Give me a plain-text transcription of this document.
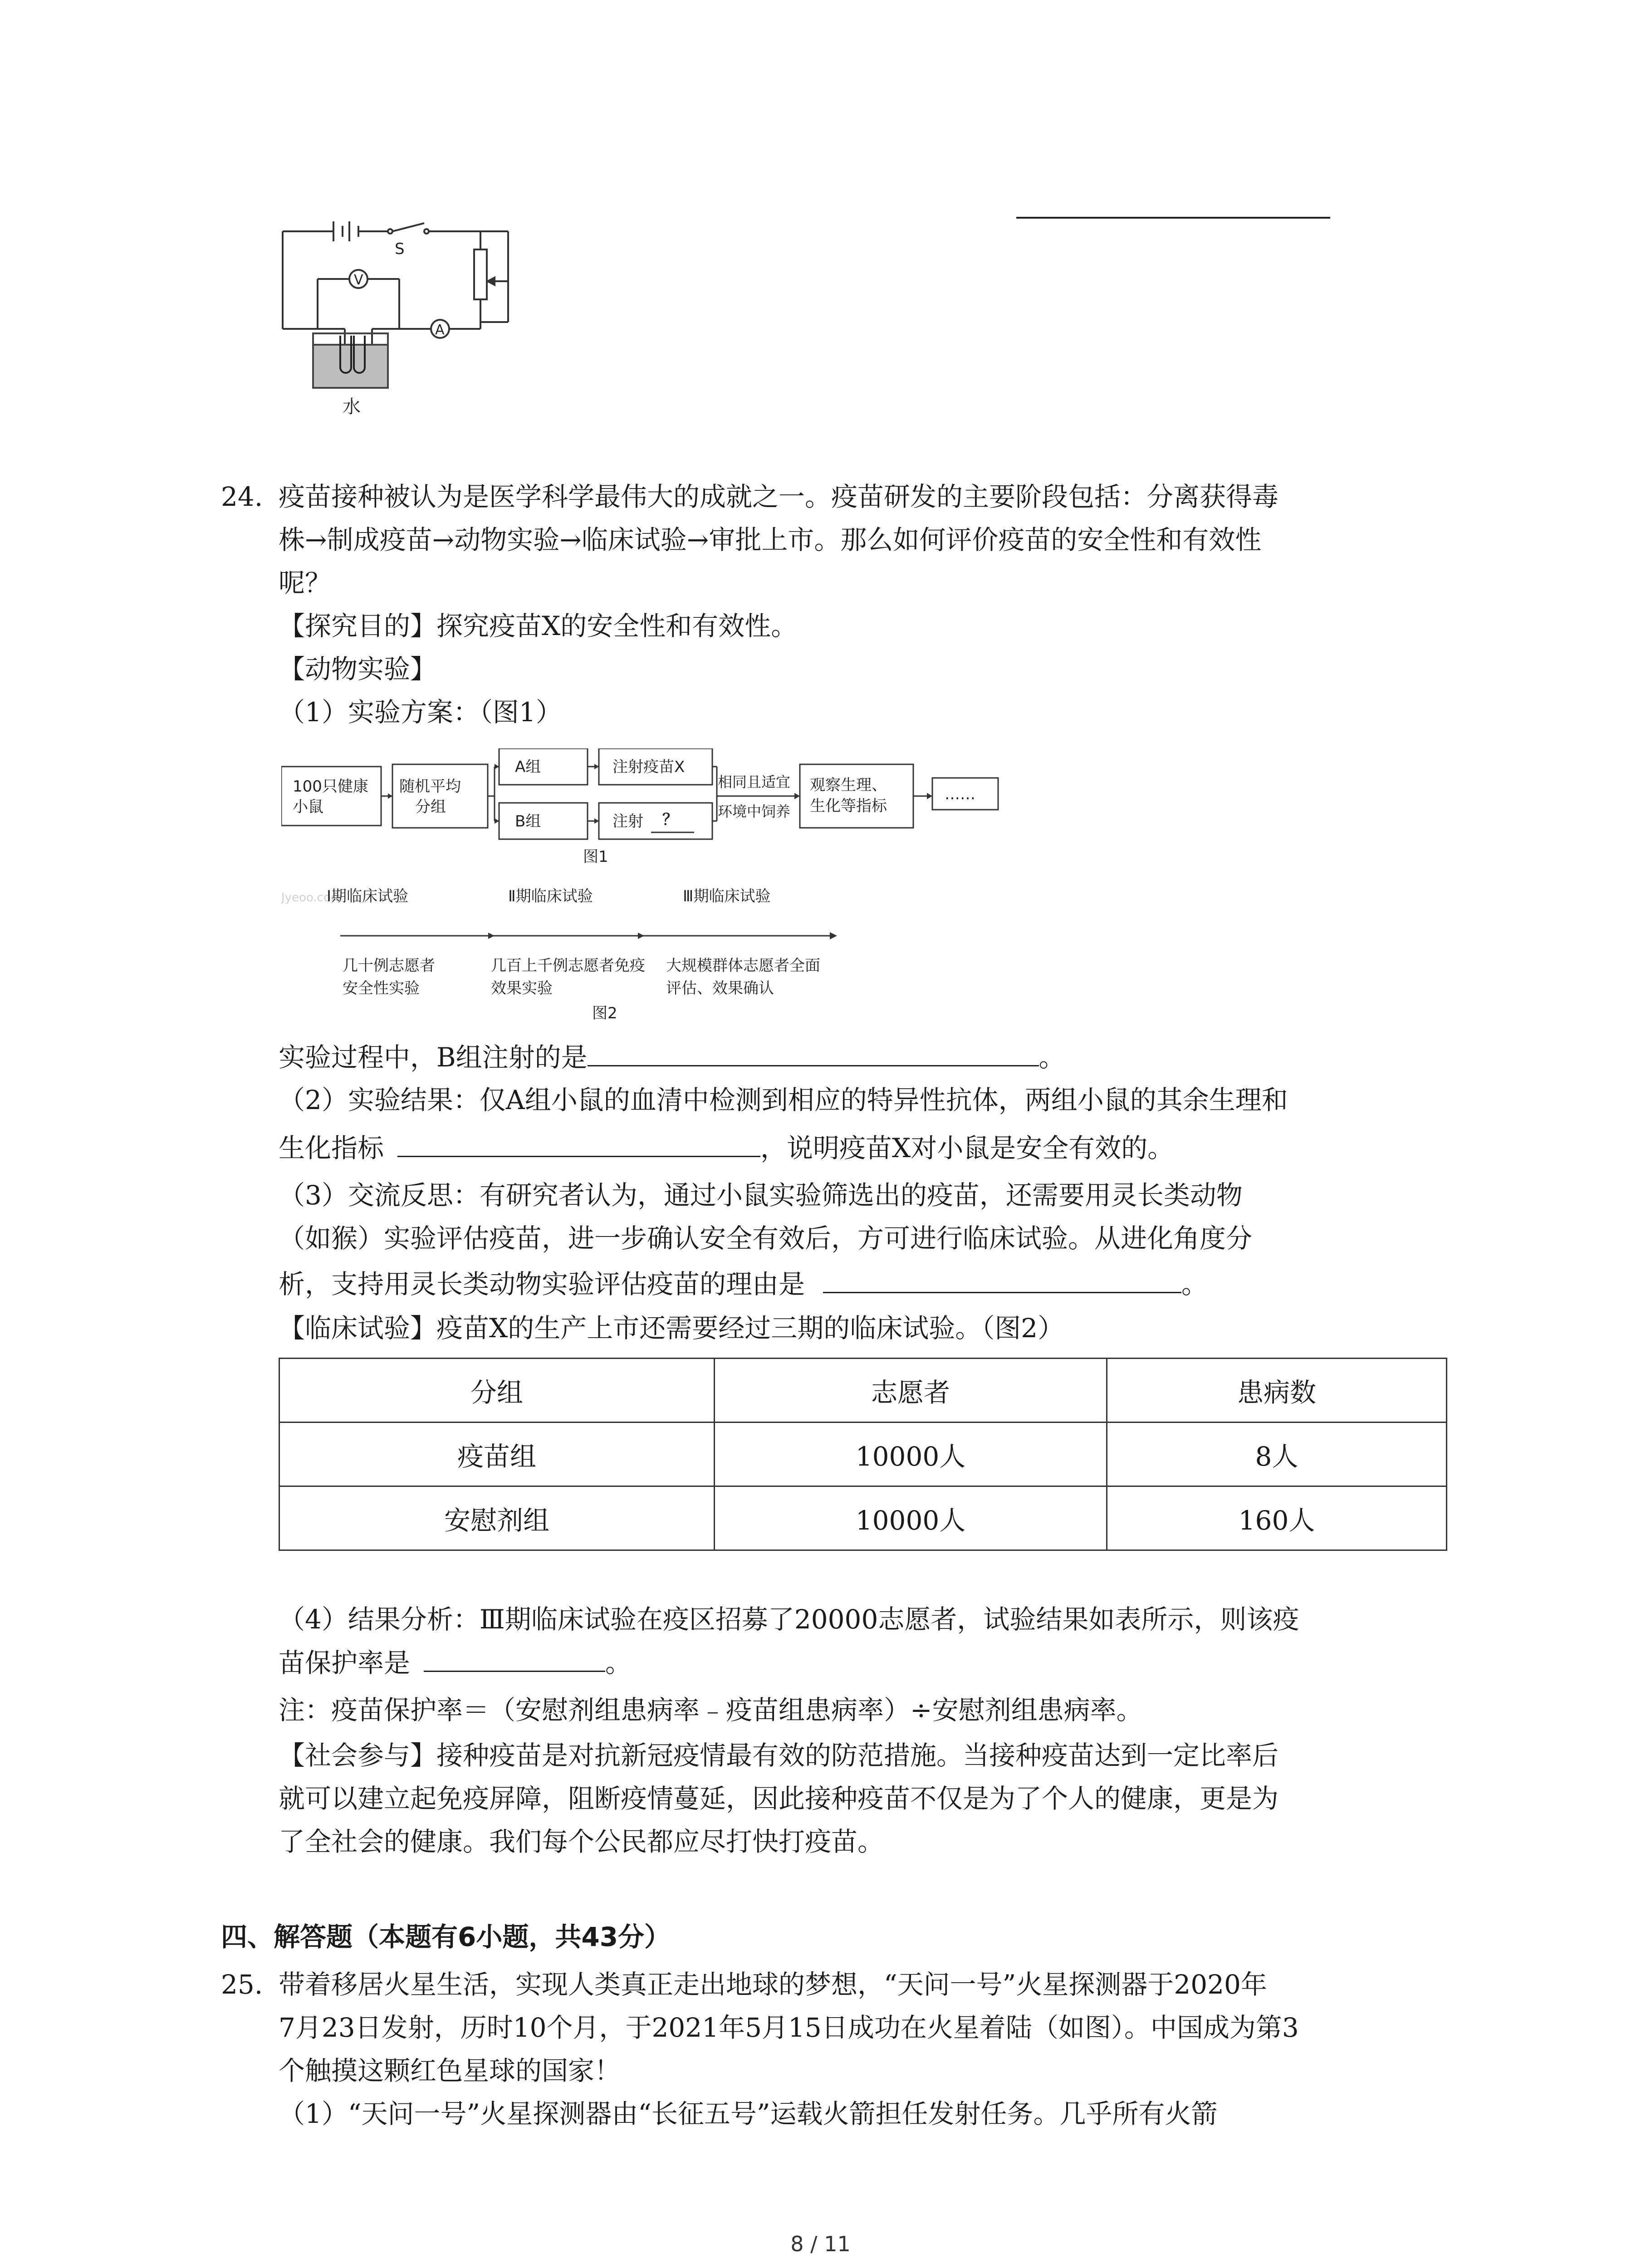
S
V
A
水
24. 疫苗接种被认为是医学科学最伟大的成就之一。疫苗研发的主要阶段包括：分离获得毒
株→制成疫苗→动物实验→临床试验→审批上市。那么如何评价疫苗的安全性和有效性
呢？
【探究目的】探究疫苗X的安全性和有效性。
【动物实验】
（1）实验方案：（图1）
100只健康
小鼠
随机平均
分组
A组
B组
注射疫苗X
注射 ？
相同且适宜
环境中饲养
观察生理、
生化等指标
……
图1
Jyeoo.com
Ⅰ期临床试验	Ⅱ期临床试验	Ⅲ期临床试验
几十例志愿者
安全性实验
几百上千例志愿者免疫
效果实验
大规模群体志愿者全面
评估、效果确认
图2
实验过程中，B组注射的是	。
（2）实验结果：仅A组小鼠的血清中检测到相应的特异性抗体，两组小鼠的其余生理和
生化指标	，说明疫苗X对小鼠是安全有效的。
（3）交流反思：有研究者认为，通过小鼠实验筛选出的疫苗，还需要用灵长类动物
（如猴）实验评估疫苗，进一步确认安全有效后，方可进行临床试验。从进化角度分
析，支持用灵长类动物实验评估疫苗的理由是	。
【临床试验】疫苗X的生产上市还需要经过三期的临床试验。（图2）
分组	志愿者	患病数
疫苗组	10000人	8人
安慰剂组	10000人	160人
（4）结果分析：Ⅲ期临床试验在疫区招募了20000志愿者，试验结果如表所示，则该疫
苗保护率是	。
注：疫苗保护率＝（安慰剂组患病率﹣疫苗组患病率）÷安慰剂组患病率。
【社会参与】接种疫苗是对抗新冠疫情最有效的防范措施。当接种疫苗达到一定比率后
就可以建立起免疫屏障，阻断疫情蔓延，因此接种疫苗不仅是为了个人的健康，更是为
了全社会的健康。我们每个公民都应尽打快打疫苗。
四、解答题（本题有6小题，共43分）
25. 带着移居火星生活，实现人类真正走出地球的梦想，“天问一号”火星探测器于2020年
7月23日发射，历时10个月，于2021年5月15日成功在火星着陆（如图）。中国成为第3
个触摸这颗红色星球的国家！
（1）“天问一号”火星探测器由“长征五号”运载火箭担任发射任务。几乎所有火箭
8 / 11
